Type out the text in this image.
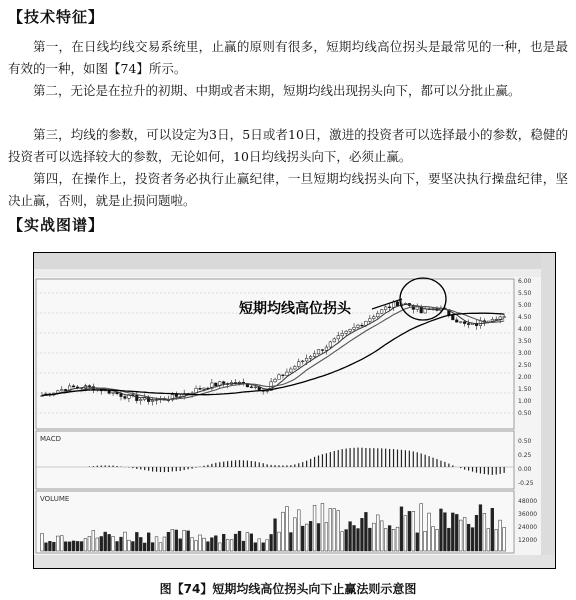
【技术特征】

第一，在日线均线交易系统里，止赢的原则有很多，短期均线高位拐头是最常见的一种，也是最有效的一种，如图【74】所示。

第二，无论是在拉升的初期、中期或者末期，短期均线出现拐头向下，都可以分批止赢。

第三，均线的参数，可以设定为3日，5日或者10日，激进的投资者可以选择最小的参数，稳健的投资者可以选择较大的参数，无论如何，10日均线拐头向下，必须止赢。

第四，在操作上，投资者务必执行止赢纪律，一旦短期均线拐头向下，要坚决执行操盘纪律，坚决止赢，否则，就是止损问题啦。

【实战图谱】
6.00
5.50
5.00
4.50
4.00
3.50
3.00
2.50
2.00
1.50
1.00
0.50
0.50
0.25
0.00
-0.25
48000
36000
24000
12000
短期均线高位拐头
MACD
VOLUME
图【74】短期均线高位拐头向下止赢法则示意图
